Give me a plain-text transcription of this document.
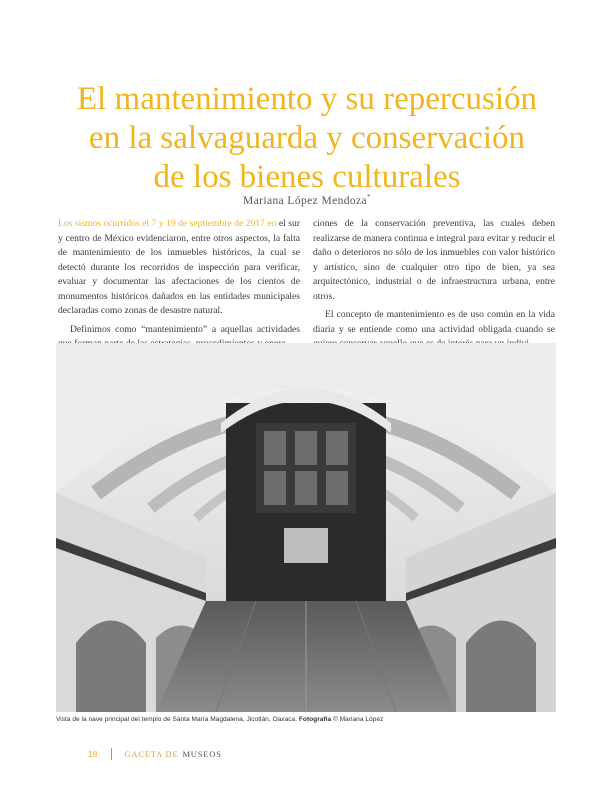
El mantenimiento y su repercusión
en la salvaguarda y conservación
de los bienes culturales
Mariana López Mendoza*

Los sismos ocurridos el 7 y 19 de septiembre de 2017 en el sur y centro de México evidenciaron, entre otros aspectos, la falta de mantenimiento de los inmuebles históricos, la cual se detectó durante los recorridos de inspección para verificar, evaluar y documentar las afectaciones de los cientos de monumentos históricos dañados en las entidades municipales declaradas como zonas de desastre natural.

Definimos como “mantenimiento” a aquellas actividades

ciones de la conservación preventiva, las cuales deben realizarse de manera continua e integral para evitar y reducir el daño o deterioros no sólo de los inmuebles con valor histórico y artístico, sino de cualquier otro tipo de bien, ya sea arquitectónico, industrial o de infraestructura urbana, entre otros.

El concepto de mantenimiento es de uso común en la vida diaria y se entiende como una actividad obligada cuando se

Vista de la nave principal del templo de Santa María Magdalena, Jicotlán, Oaxaca. Fotografía © Mariana López
18	GACETA DE MUSEOS
